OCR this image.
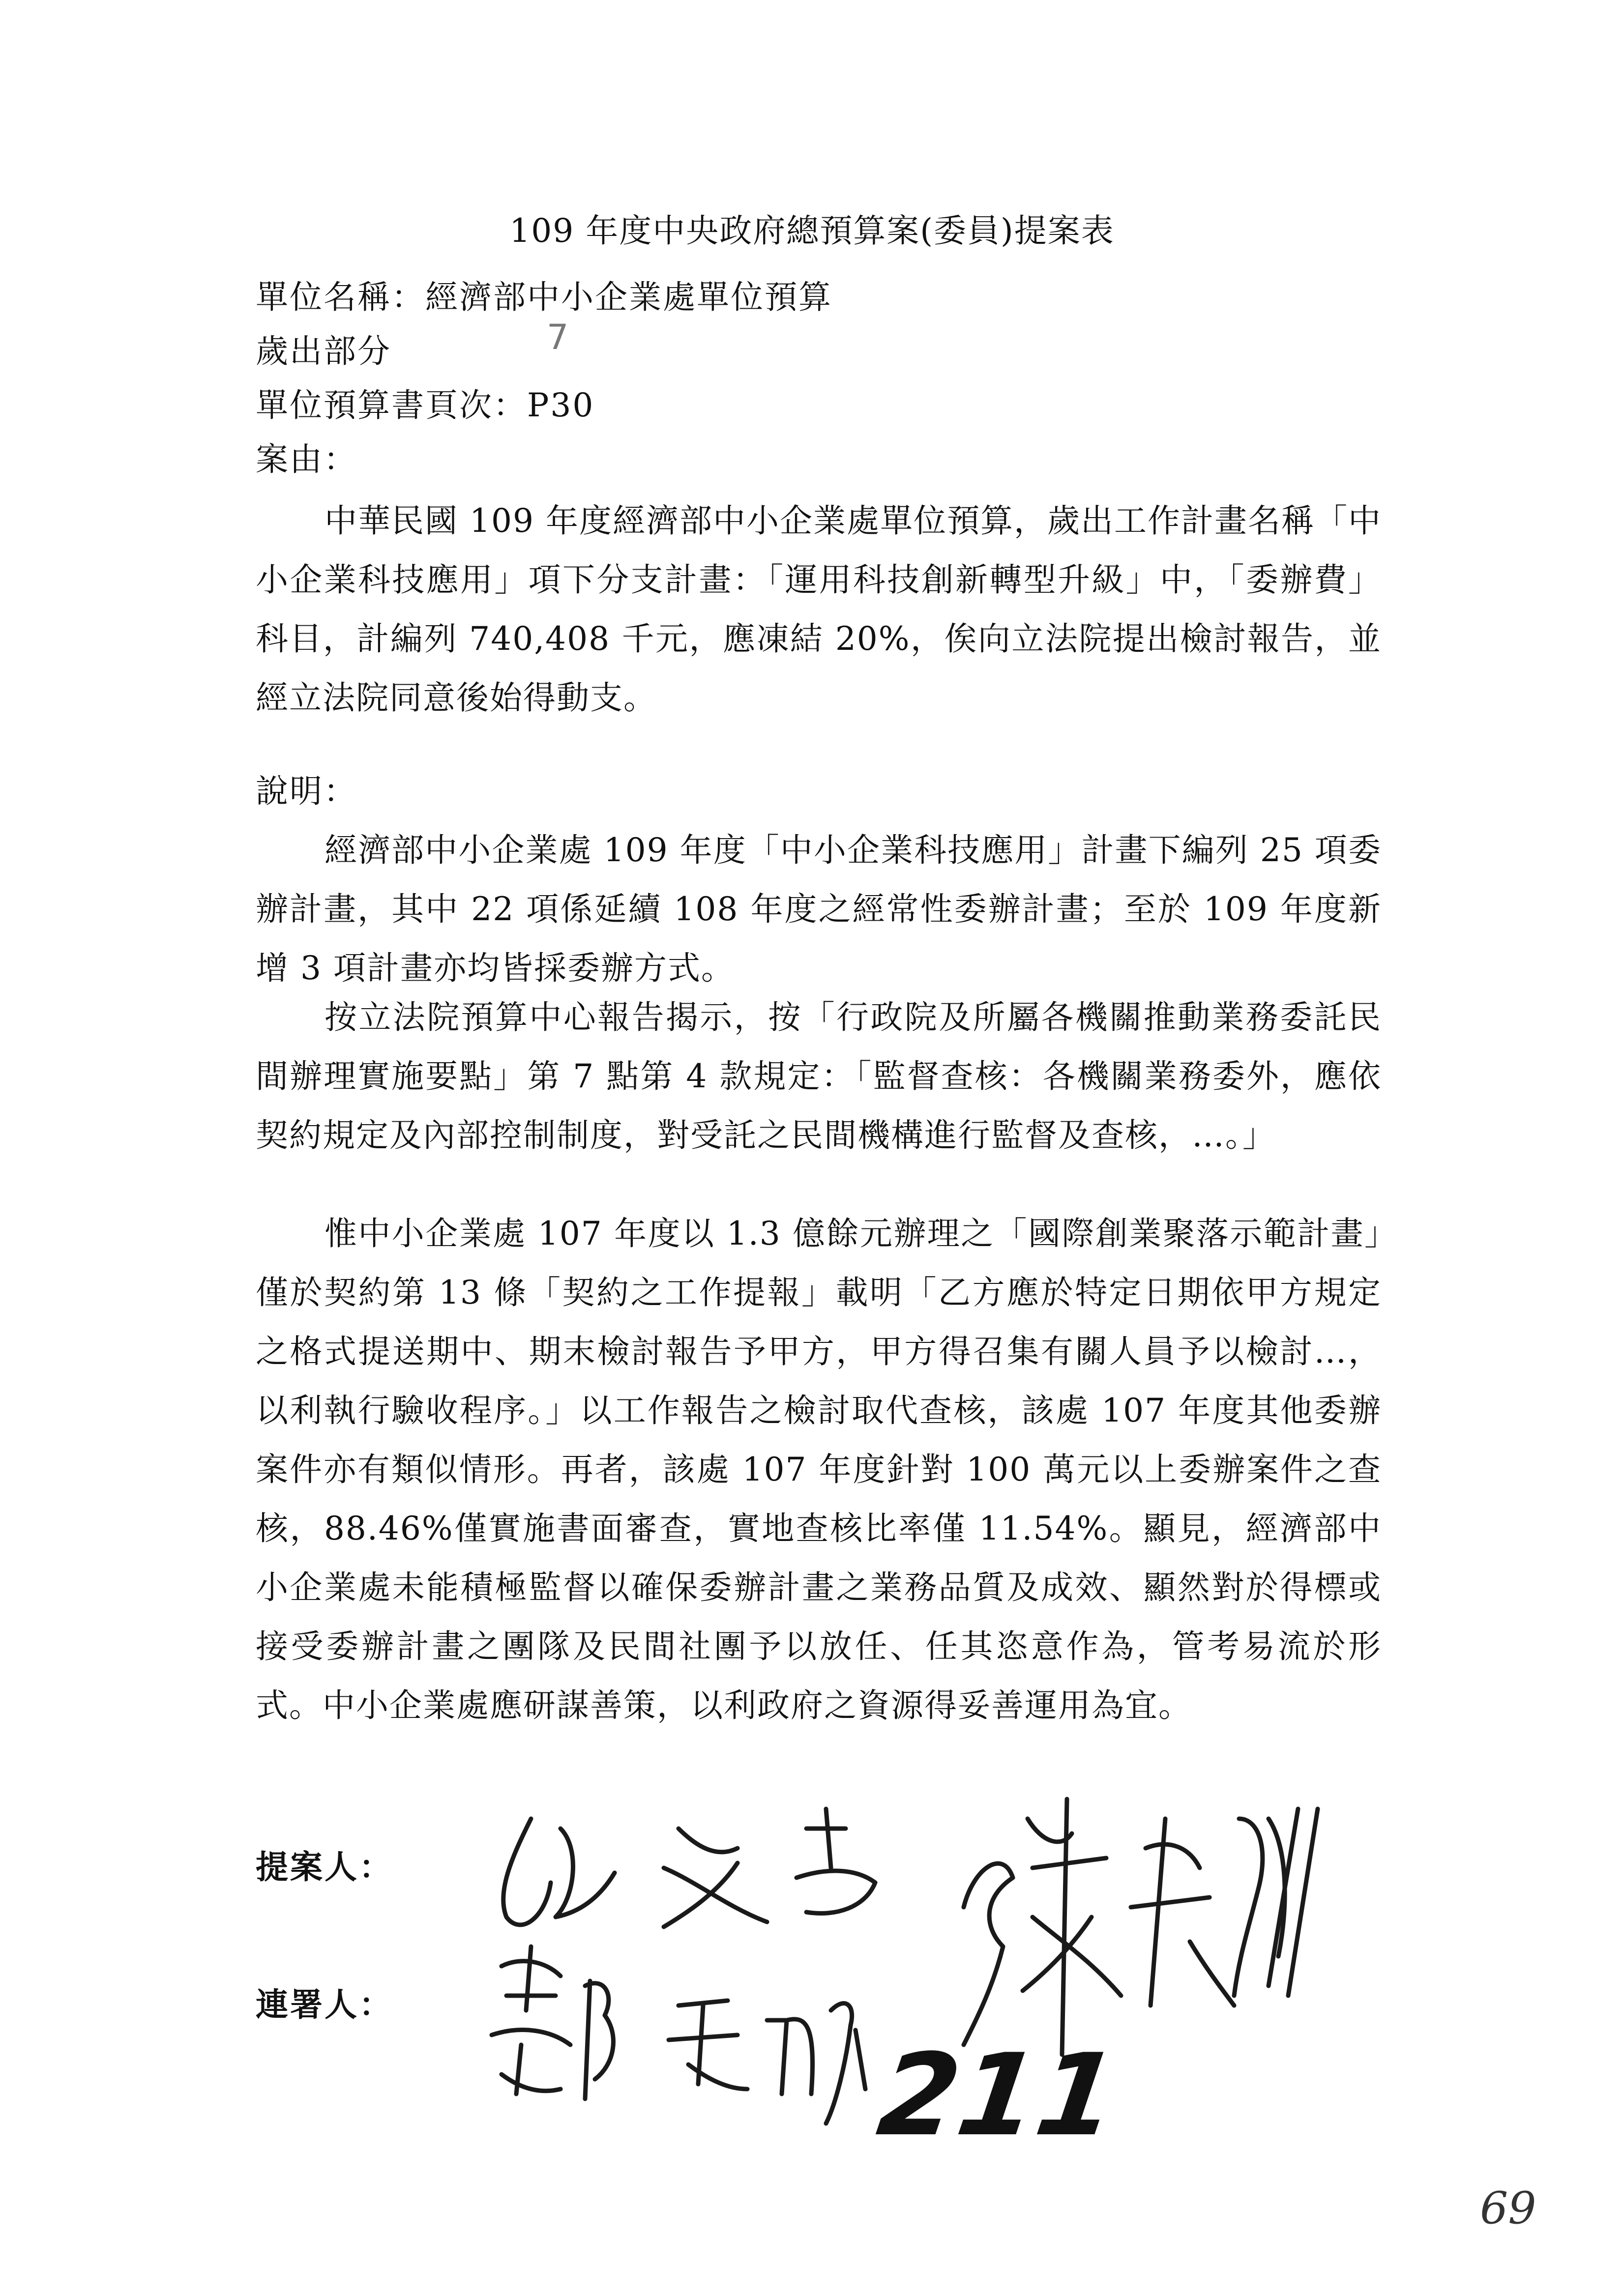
109 年度中央政府總預算案(委員)提案表
單位名稱：經濟部中小企業處單位預算
歲出部分	7
單位預算書頁次：P30
案由：
中華民國 109 年度經濟部中小企業處單位預算，歲出工作計畫名稱「中小企業科技應用」項下分支計畫：「運用科技創新轉型升級」中，「委辦費」科目，計編列 740,408 千元，應凍結 20%，俟向立法院提出檢討報告，並經立法院同意後始得動支。
說明：
經濟部中小企業處 109 年度「中小企業科技應用」計畫下編列 25 項委辦計畫，其中 22 項係延續 108 年度之經常性委辦計畫；至於 109 年度新增 3 項計畫亦均皆採委辦方式。
按立法院預算中心報告揭示，按「行政院及所屬各機關推動業務委託民間辦理實施要點」第 7 點第 4 款規定：「監督查核：各機關業務委外，應依契約規定及內部控制制度，對受託之民間機構進行監督及查核，…。」
惟中小企業處 107 年度以 1.3 億餘元辦理之「國際創業聚落示範計畫」僅於契約第 13 條「契約之工作提報」載明「乙方應於特定日期依甲方規定之格式提送期中、期末檢討報告予甲方，甲方得召集有關人員予以檢討…，以利執行驗收程序。」以工作報告之檢討取代查核，該處 107 年度其他委辦案件亦有類似情形。再者，該處 107 年度針對 100 萬元以上委辦案件之查核，88.46%僅實施書面審查，實地查核比率僅 11.54%。顯見，經濟部中小企業處未能積極監督以確保委辦計畫之業務品質及成效、顯然對於得標或接受委辦計畫之團隊及民間社團予以放任、任其恣意作為，管考易流於形式。中小企業處應研謀善策，以利政府之資源得妥善運用為宜。
提案人：
連署人：
211
69
